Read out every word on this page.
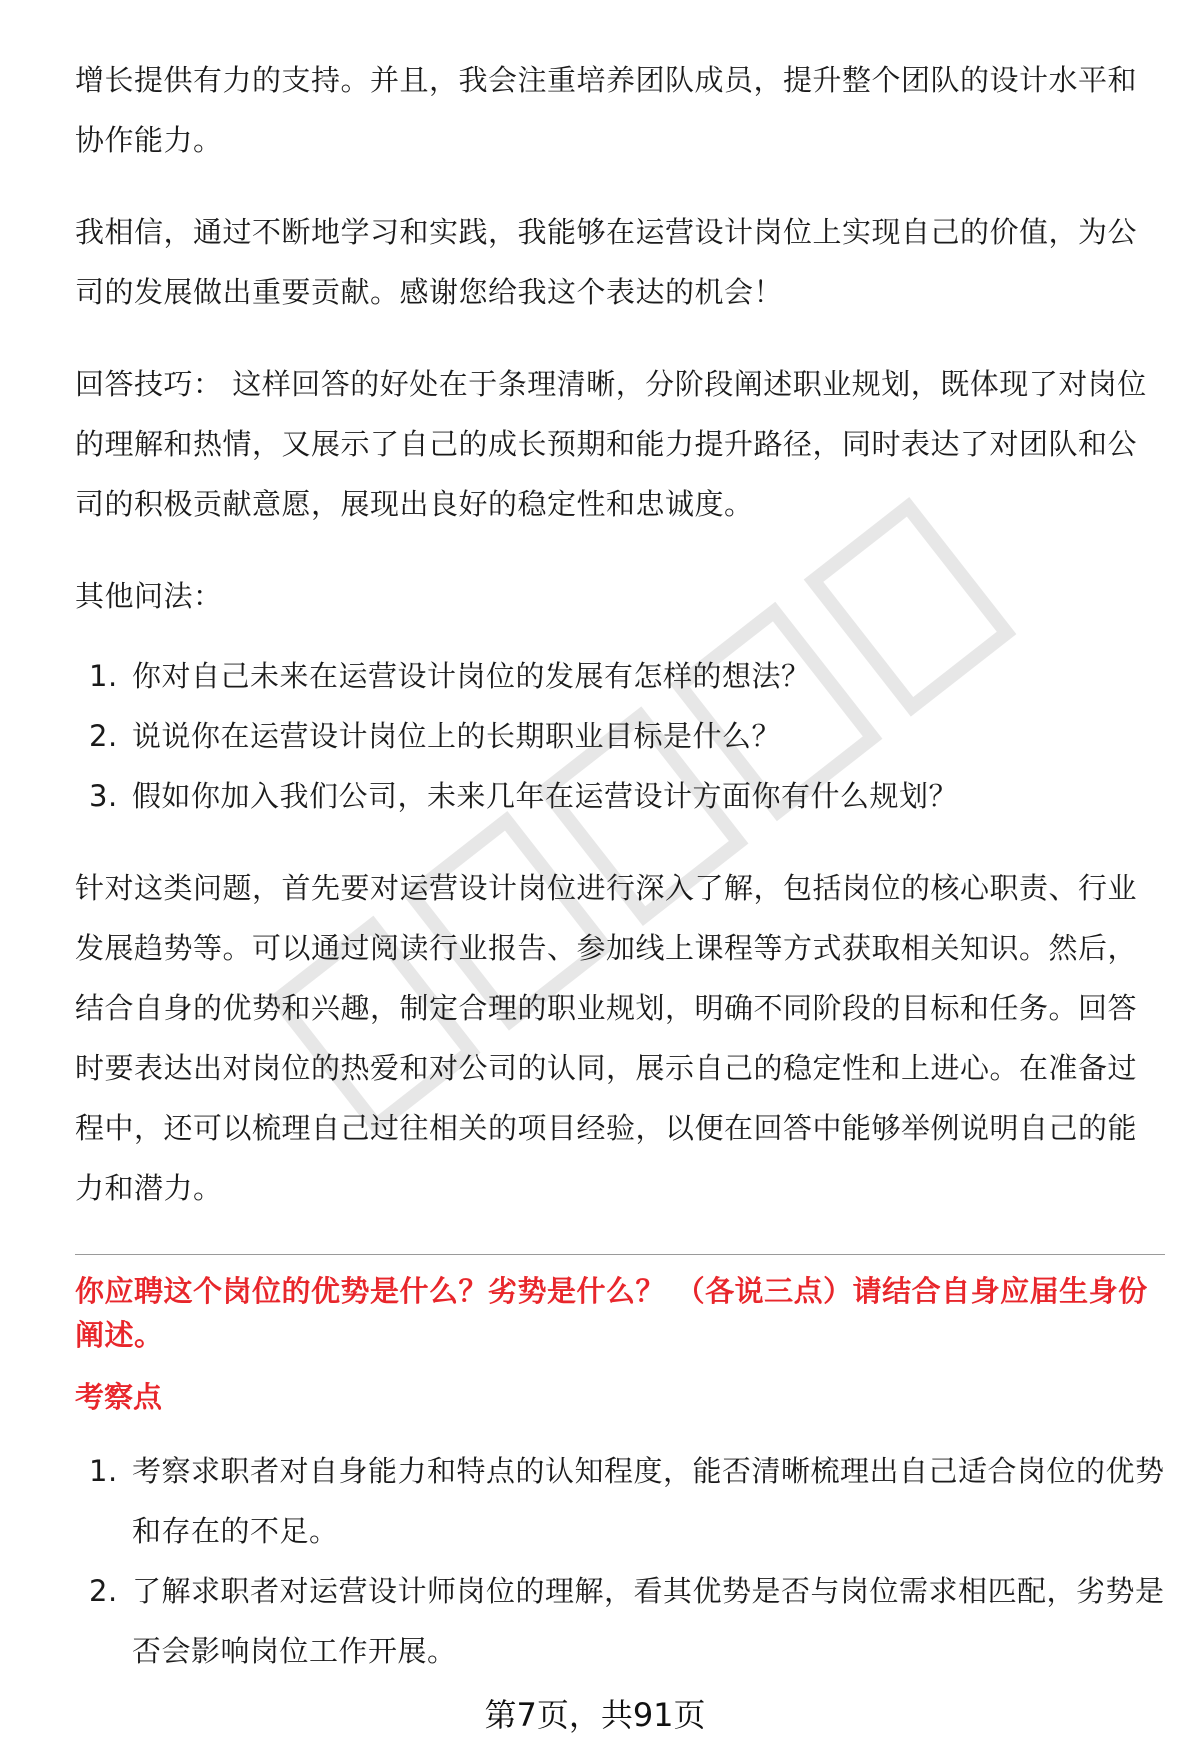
增长提供有力的支持。并且，我会注重培养团队成员，提升整个团队的设计水平和协作能力。

我相信，通过不断地学习和实践，我能够在运营设计岗位上实现自己的价值，为公司的发展做出重要贡献。感谢您给我这个表达的机会！

回答技巧： 这样回答的好处在于条理清晰，分阶段阐述职业规划，既体现了对岗位的理解和热情，又展示了自己的成长预期和能力提升路径，同时表达了对团队和公司的积极贡献意愿，展现出良好的稳定性和忠诚度。

其他问法：

1. 你对自己未来在运营设计岗位的发展有怎样的想法？
2. 说说你在运营设计岗位上的长期职业目标是什么？
3. 假如你加入我们公司，未来几年在运营设计方面你有什么规划？

针对这类问题，首先要对运营设计岗位进行深入了解，包括岗位的核心职责、行业发展趋势等。可以通过阅读行业报告、参加线上课程等方式获取相关知识。然后，结合自身的优势和兴趣，制定合理的职业规划，明确不同阶段的目标和任务。回答时要表达出对岗位的热爱和对公司的认同，展示自己的稳定性和上进心。在准备过程中，还可以梳理自己过往相关的项目经验，以便在回答中能够举例说明自己的能力和潜力。

你应聘这个岗位的优势是什么？劣势是什么？ （各说三点）请结合自身应届生身份阐述。

考察点

1. 考察求职者对自身能力和特点的认知程度，能否清晰梳理出自己适合岗位的优势和存在的不足。
2. 了解求职者对运营设计师岗位的理解，看其优势是否与岗位需求相匹配，劣势是否会影响岗位工作开展。
第7页，共91页
